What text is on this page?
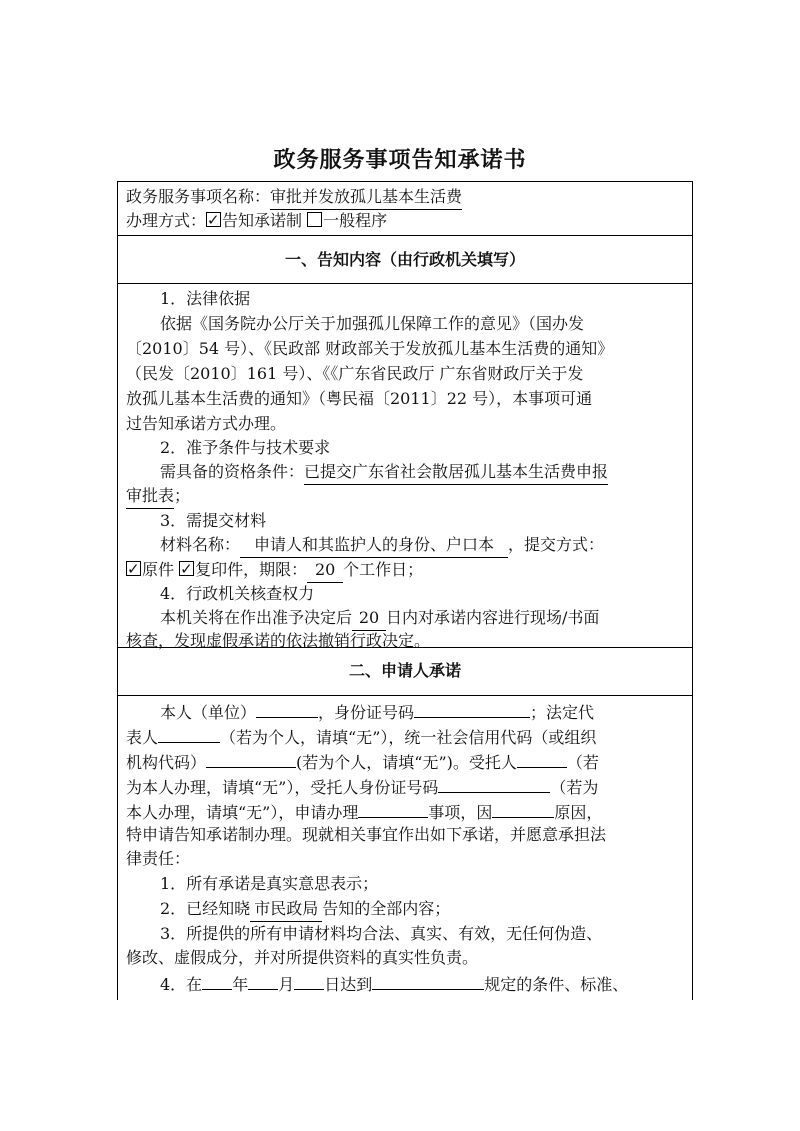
政务服务事项告知承诺书
政务服务事项名称：审批并发放孤儿基本生活费
办理方式： ✓ 告知承诺制 一般程序
一、告知内容（由行政机关填写）
1．法律依据
依据《国务院办公厅关于加强孤儿保障工作的意见》（国办发
〔2010〕54 号）、《民政部 财政部关于发放孤儿基本生活费的通知》
（民发〔2010〕161 号）、《《广东省民政厅 广东省财政厅关于发
放孤儿基本生活费的通知》（粤民福〔2011〕22 号），本事项可通
过告知承诺方式办理。
2．准予条件与技术要求
需具备的资格条件：已提交广东省社会散居孤儿基本生活费申报
审批表；
3．需提交材料
材料名称： 申请人和其监护人的身份、户口本 ，提交方式：
✓原件 ✓ 复印件，期限： 20 个工作日；
4．行政机关核查权力
本机关将在作出准予决定后 20 日内对承诺内容进行现场/书面
核查，发现虚假承诺的依法撤销行政决定。
二、申请人承诺
本人（单位）	，身份证号码	；法定代
表人	（若为个人，请填“无”），统一社会信用代码（或组织
机构代码）	(若为个人，请填“无”)。受托人	（若
为本人办理，请填“无”），受托人身份证号码	（若为
本人办理，请填“无”），申请办理	事项，因	原因，
特申请告知承诺制办理。现就相关事宜作出如下承诺，并愿意承担法
律责任：
1．所有承诺是真实意思表示；
2．已经知晓 市民政局 告知的全部内容；
3．所提供的所有申请材料均合法、真实、有效，无任何伪造、
修改、虚假成分，并对所提供资料的真实性负责。
4．在 年 月 日达到	规定的条件、标准、
